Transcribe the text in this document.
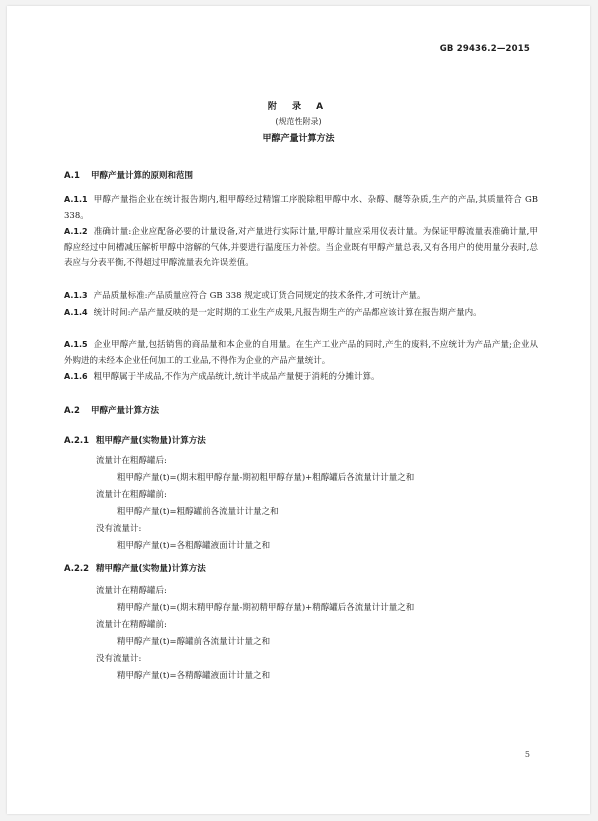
GB 29436.2—2015
附 录 A
(规范性附录)
甲醇产量计算方法
A.1 甲醇产量计算的原则和范围
A.1.1 甲醇产量指企业在统计报告期内,粗甲醇经过精馏工序脱除粗甲醇中水、杂醇、醚等杂质,生产的产品,其质量符合 GB 338。
A.1.2 准确计量:企业应配备必要的计量设备,对产量进行实际计量,甲醇计量应采用仪表计量。为保证甲醇流量表准确计量,甲醇应经过中间槽减压解析甲醇中溶解的气体,并要进行温度压力补偿。当企业既有甲醇产量总表,又有各用户的使用量分表时,总表应与分表平衡,不得超过甲醇流量表允许误差值。
A.1.3 产品质量标准:产品质量应符合 GB 338 规定或订货合同规定的技术条件,才可统计产量。
A.1.4 统计时间:产品产量反映的是一定时期的工业生产成果,凡报告期生产的产品都应该计算在报告期产量内。
A.1.5 企业甲醇产量,包括销售的商品量和本企业的自用量。在生产工业产品的同时,产生的废料,不应统计为产品产量;企业从外购进的未经本企业任何加工的工业品,不得作为企业的产品产量统计。
A.1.6 粗甲醇属于半成品,不作为产成品统计,统计半成品产量便于消耗的分摊计算。
A.2 甲醇产量计算方法
A.2.1 粗甲醇产量(实物量)计算方法
流量计在粗醇罐后:
粗甲醇产量(t)=(期末粗甲醇存量-期初粗甲醇存量)+粗醇罐后各流量计计量之和
流量计在粗醇罐前:
粗甲醇产量(t)=粗醇罐前各流量计计量之和
没有流量计:
粗甲醇产量(t)=各粗醇罐液面计计量之和
A.2.2 精甲醇产量(实物量)计算方法
流量计在精醇罐后:
精甲醇产量(t)=(期末精甲醇存量-期初精甲醇存量)+精醇罐后各流量计计量之和
流量计在精醇罐前:
精甲醇产量(t)=醇罐前各流量计计量之和
没有流量计:
精甲醇产量(t)=各精醇罐液面计计量之和
5
